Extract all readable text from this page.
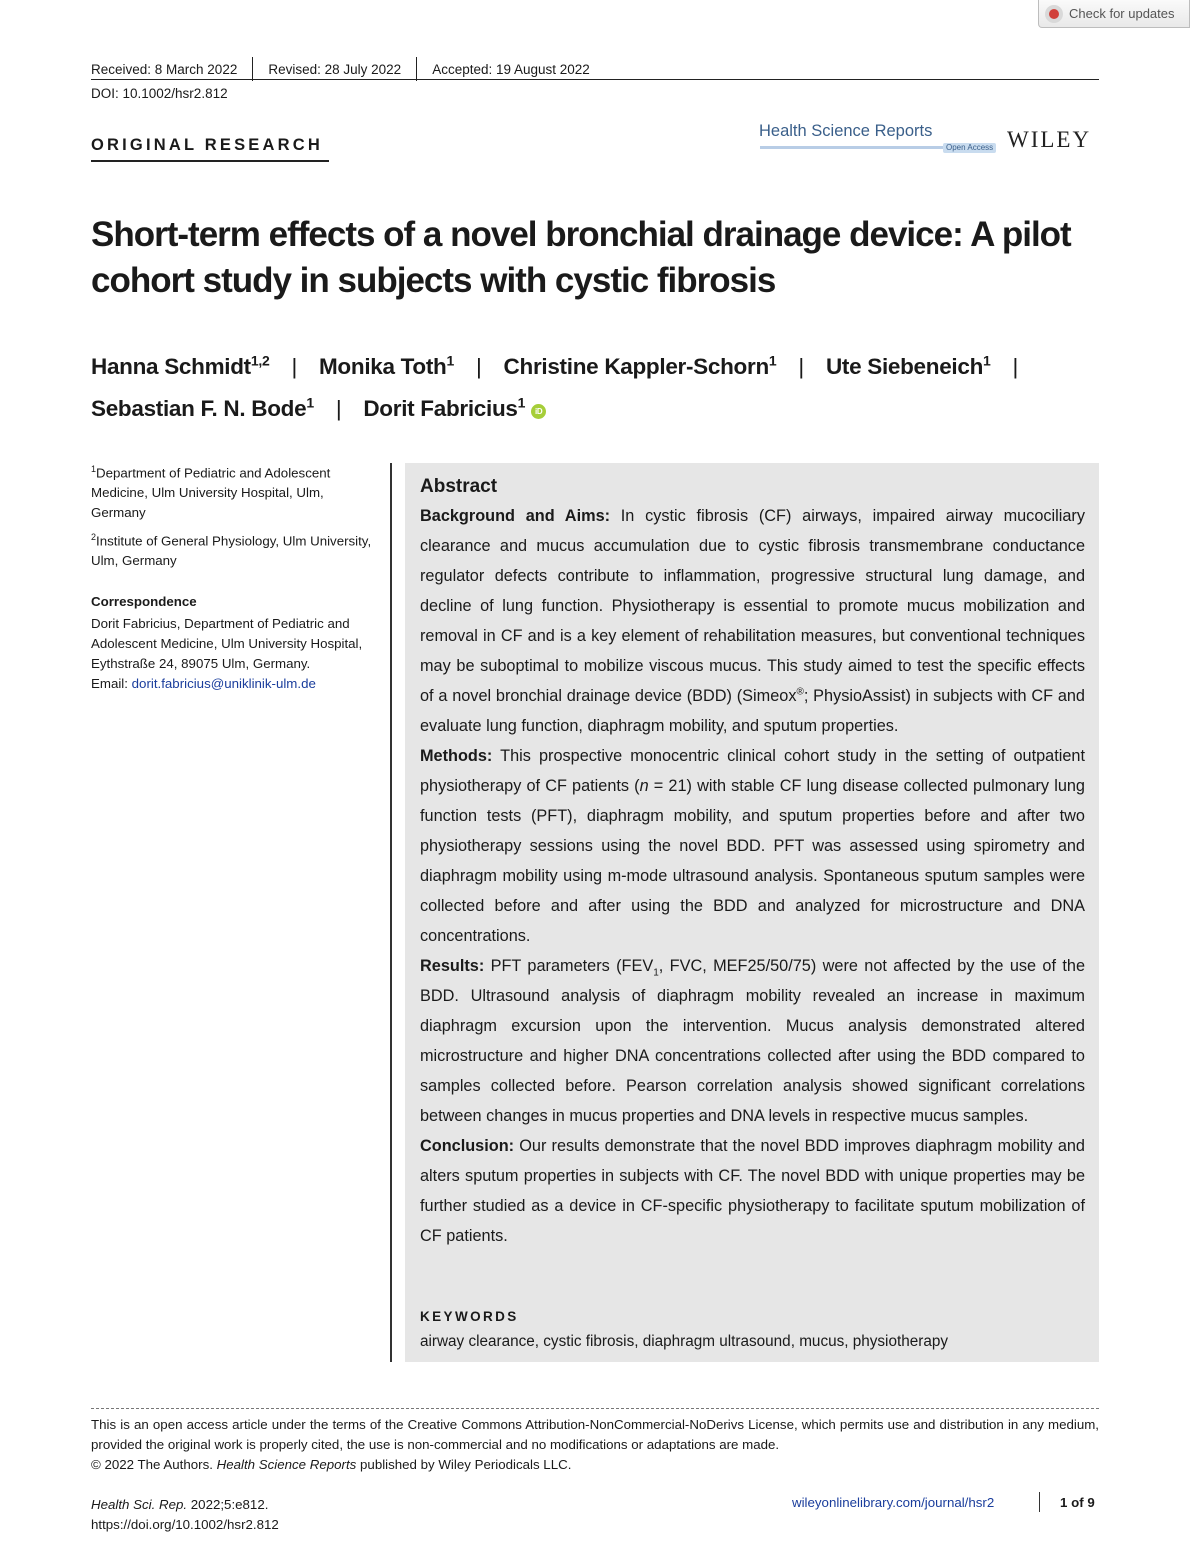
Check for updates
Received: 8 March 2022 Revised: 28 July 2022 Accepted: 19 August 2022
DOI: 10.1002/hsr2.812
ORIGINAL RESEARCH
Health Science Reports
Open Access WILEY
Short-term effects of a novel bronchial drainage device: A pilot cohort study in subjects with cystic fibrosis
Hanna Schmidt$^{1,2}$ | Monika Toth$^1$ | Christine Kappler-Schorn$^1$ | Ute Siebeneich$^1$ |
Sebastian F. N. Bode$^1$ | Dorit Fabricius$^1$iD
$^1$Department of Pediatric and Adolescent Medicine, Ulm University Hospital, Ulm, Germany
$^2$Institute of General Physiology, Ulm University, Ulm, Germany
Correspondence
Dorit Fabricius, Department of Pediatric and Adolescent Medicine, Ulm University Hospital, Eythstraße 24, 89075 Ulm, Germany.
Email: dorit.fabricius@uniklinik-ulm.de
Abstract

Background and Aims: In cystic fibrosis (CF) airways, impaired airway mucociliary clearance and mucus accumulation due to cystic fibrosis transmembrane conductance regulator defects contribute to inflammation, progressive structural lung damage, and decline of lung function. Physiotherapy is essential to promote mucus mobilization and removal in CF and is a key element of rehabilitation measures, but conventional techniques may be suboptimal to mobilize viscous mucus. This study aimed to test the specific effects of a novel bronchial drainage device (BDD) (Simeox®; PhysioAssist) in subjects with CF and evaluate lung function, diaphragm mobility, and sputum properties.

Methods: This prospective monocentric clinical cohort study in the setting of outpatient physiotherapy of CF patients (n = 21) with stable CF lung disease collected pulmonary lung function tests (PFT), diaphragm mobility, and sputum properties before and after two physiotherapy sessions using the novel BDD. PFT was assessed using spirometry and diaphragm mobility using m-mode ultrasound analysis. Spontaneous sputum samples were collected before and after using the BDD and analyzed for microstructure and DNA concentrations.

Results: PFT parameters ($FEV_1$, FVC, MEF25/50/75) were not affected by the use of the BDD. Ultrasound analysis of diaphragm mobility revealed an increase in maximum diaphragm excursion upon the intervention. Mucus analysis demonstrated altered microstructure and higher DNA concentrations collected after using the BDD compared to samples collected before. Pearson correlation analysis showed significant correlations between changes in mucus properties and DNA levels in respective mucus samples.

Conclusion: Our results demonstrate that the novel BDD improves diaphragm mobility and alters sputum properties in subjects with CF. The novel BDD with unique properties may be further studied as a device in CF-specific physiotherapy to facilitate sputum mobilization of CF patients.

KEYWORDS
airway clearance, cystic fibrosis, diaphragm ultrasound, mucus, physiotherapy
This is an open access article under the terms of the Creative Commons Attribution-NonCommercial-NoDerivs License, which permits use and distribution in any medium, provided the original work is properly cited, the use is non-commercial and no modifications or adaptations are made.
© 2022 The Authors. Health Science Reports published by Wiley Periodicals LLC.
Health Sci. Rep. 2022;5:e812.
https://doi.org/10.1002/hsr2.812
wileyonlinelibrary.com/journal/hsr2	1 of 9
